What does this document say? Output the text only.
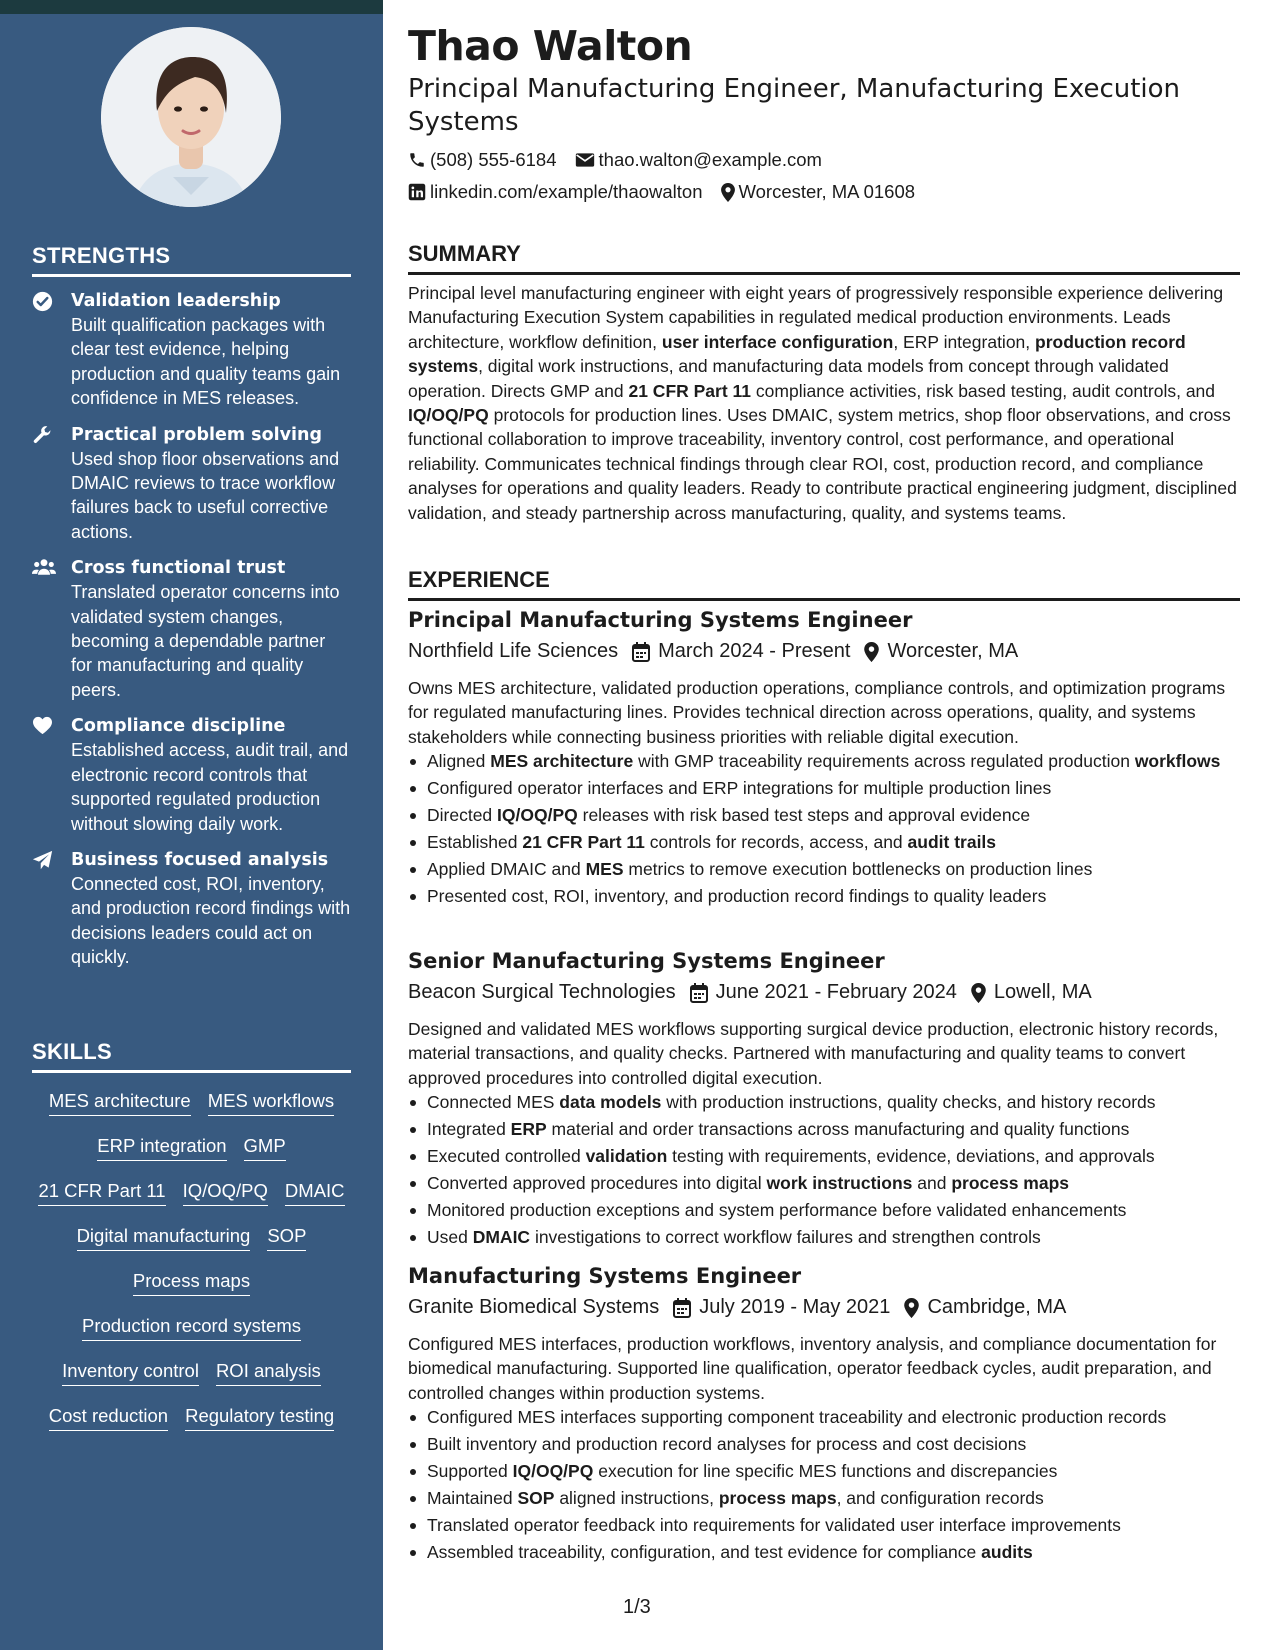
STRENGTHS
Validation leadership
Built qualification packages with clear test evidence, helping production and quality teams gain confidence in MES releases.
Practical problem solving
Used shop floor observations and DMAIC reviews to trace workflow failures back to useful corrective actions.
Cross functional trust
Translated operator concerns into validated system changes, becoming a dependable partner for manufacturing and quality peers.
Compliance discipline
Established access, audit trail, and electronic record controls that supported regulated production without slowing daily work.
Business focused analysis
Connected cost, ROI, inventory, and production record findings with decisions leaders could act on quickly.
SKILLS
MES architecture MES workflows
ERP integration GMP
21 CFR Part 11 IQ/OQ/PQ DMAIC
Digital manufacturing SOP
Process maps
Production record systems
Inventory control ROI analysis
Cost reduction Regulatory testing
Thao Walton
Principal Manufacturing Engineer, Manufacturing Execution Systems
(508) 555-6184 thao.walton@example.com
linkedin.com/example/thaowalton Worcester, MA 01608
SUMMARY
Principal level manufacturing engineer with eight years of progressively responsible experience delivering Manufacturing Execution System capabilities in regulated medical production environments. Leads architecture, workflow definition, user interface configuration, ERP integration, production record systems, digital work instructions, and manufacturing data models from concept through validated operation. Directs GMP and 21 CFR Part 11 compliance activities, risk based testing, audit controls, and IQ/OQ/PQ protocols for production lines. Uses DMAIC, system metrics, shop floor observations, and cross functional collaboration to improve traceability, inventory control, cost performance, and operational reliability. Communicates technical findings through clear ROI, cost, production record, and compliance analyses for operations and quality leaders. Ready to contribute practical engineering judgment, disciplined validation, and steady partnership across manufacturing, quality, and systems teams.
EXPERIENCE
Principal Manufacturing Systems Engineer
Northfield Life Sciences March 2024 - Present Worcester, MA
Owns MES architecture, validated production operations, compliance controls, and optimization programs for regulated manufacturing lines. Provides technical direction across operations, quality, and systems stakeholders while connecting business priorities with reliable digital execution.
Aligned MES architecture with GMP traceability requirements across regulated production workflows
Configured operator interfaces and ERP integrations for multiple production lines
Directed IQ/OQ/PQ releases with risk based test steps and approval evidence
Established 21 CFR Part 11 controls for records, access, and audit trails
Applied DMAIC and MES metrics to remove execution bottlenecks on production lines
Presented cost, ROI, inventory, and production record findings to quality leaders
Senior Manufacturing Systems Engineer
Beacon Surgical Technologies June 2021 - February 2024 Lowell, MA
Designed and validated MES workflows supporting surgical device production, electronic history records, material transactions, and quality checks. Partnered with manufacturing and quality teams to convert approved procedures into controlled digital execution.
Connected MES data models with production instructions, quality checks, and history records
Integrated ERP material and order transactions across manufacturing and quality functions
Executed controlled validation testing with requirements, evidence, deviations, and approvals
Converted approved procedures into digital work instructions and process maps
Monitored production exceptions and system performance before validated enhancements
Used DMAIC investigations to correct workflow failures and strengthen controls
Manufacturing Systems Engineer
Granite Biomedical Systems July 2019 - May 2021 Cambridge, MA
Configured MES interfaces, production workflows, inventory analysis, and compliance documentation for biomedical manufacturing. Supported line qualification, operator feedback cycles, audit preparation, and controlled changes within production systems.
Configured MES interfaces supporting component traceability and electronic production records
Built inventory and production record analyses for process and cost decisions
Supported IQ/OQ/PQ execution for line specific MES functions and discrepancies
Maintained SOP aligned instructions, process maps, and configuration records
Translated operator feedback into requirements for validated user interface improvements
Assembled traceability, configuration, and test evidence for compliance audits
1/3
